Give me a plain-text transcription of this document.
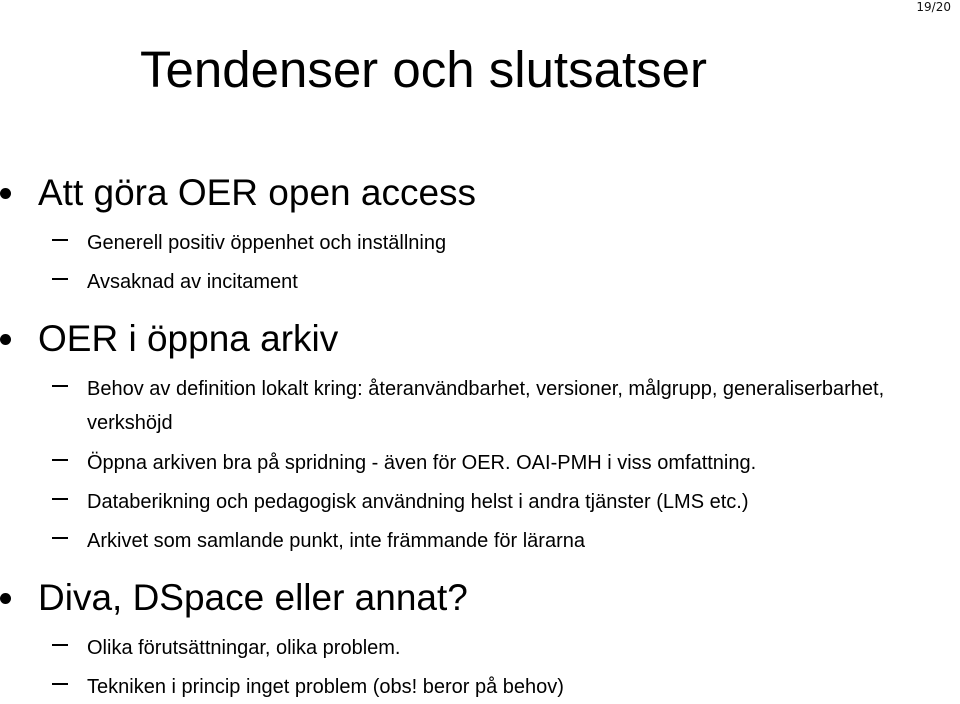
19/20
Tendenser och slutsatser
Att göra OER open access
Generell positiv öppenhet och inställning
Avsaknad av incitament
OER i öppna arkiv
Behov av definition lokalt kring: återanvändbarhet, versioner, målgrupp, generaliserbarhet, verkshöjd
Öppna arkiven bra på spridning - även för OER. OAI-PMH i viss omfattning.
Databerikning och pedagogisk användning helst i andra tjänster (LMS etc.)
Arkivet som samlande punkt, inte främmande för lärarna
Diva, DSpace eller annat?
Olika förutsättningar, olika problem.
Tekniken i princip inget problem (obs! beror på behov)
